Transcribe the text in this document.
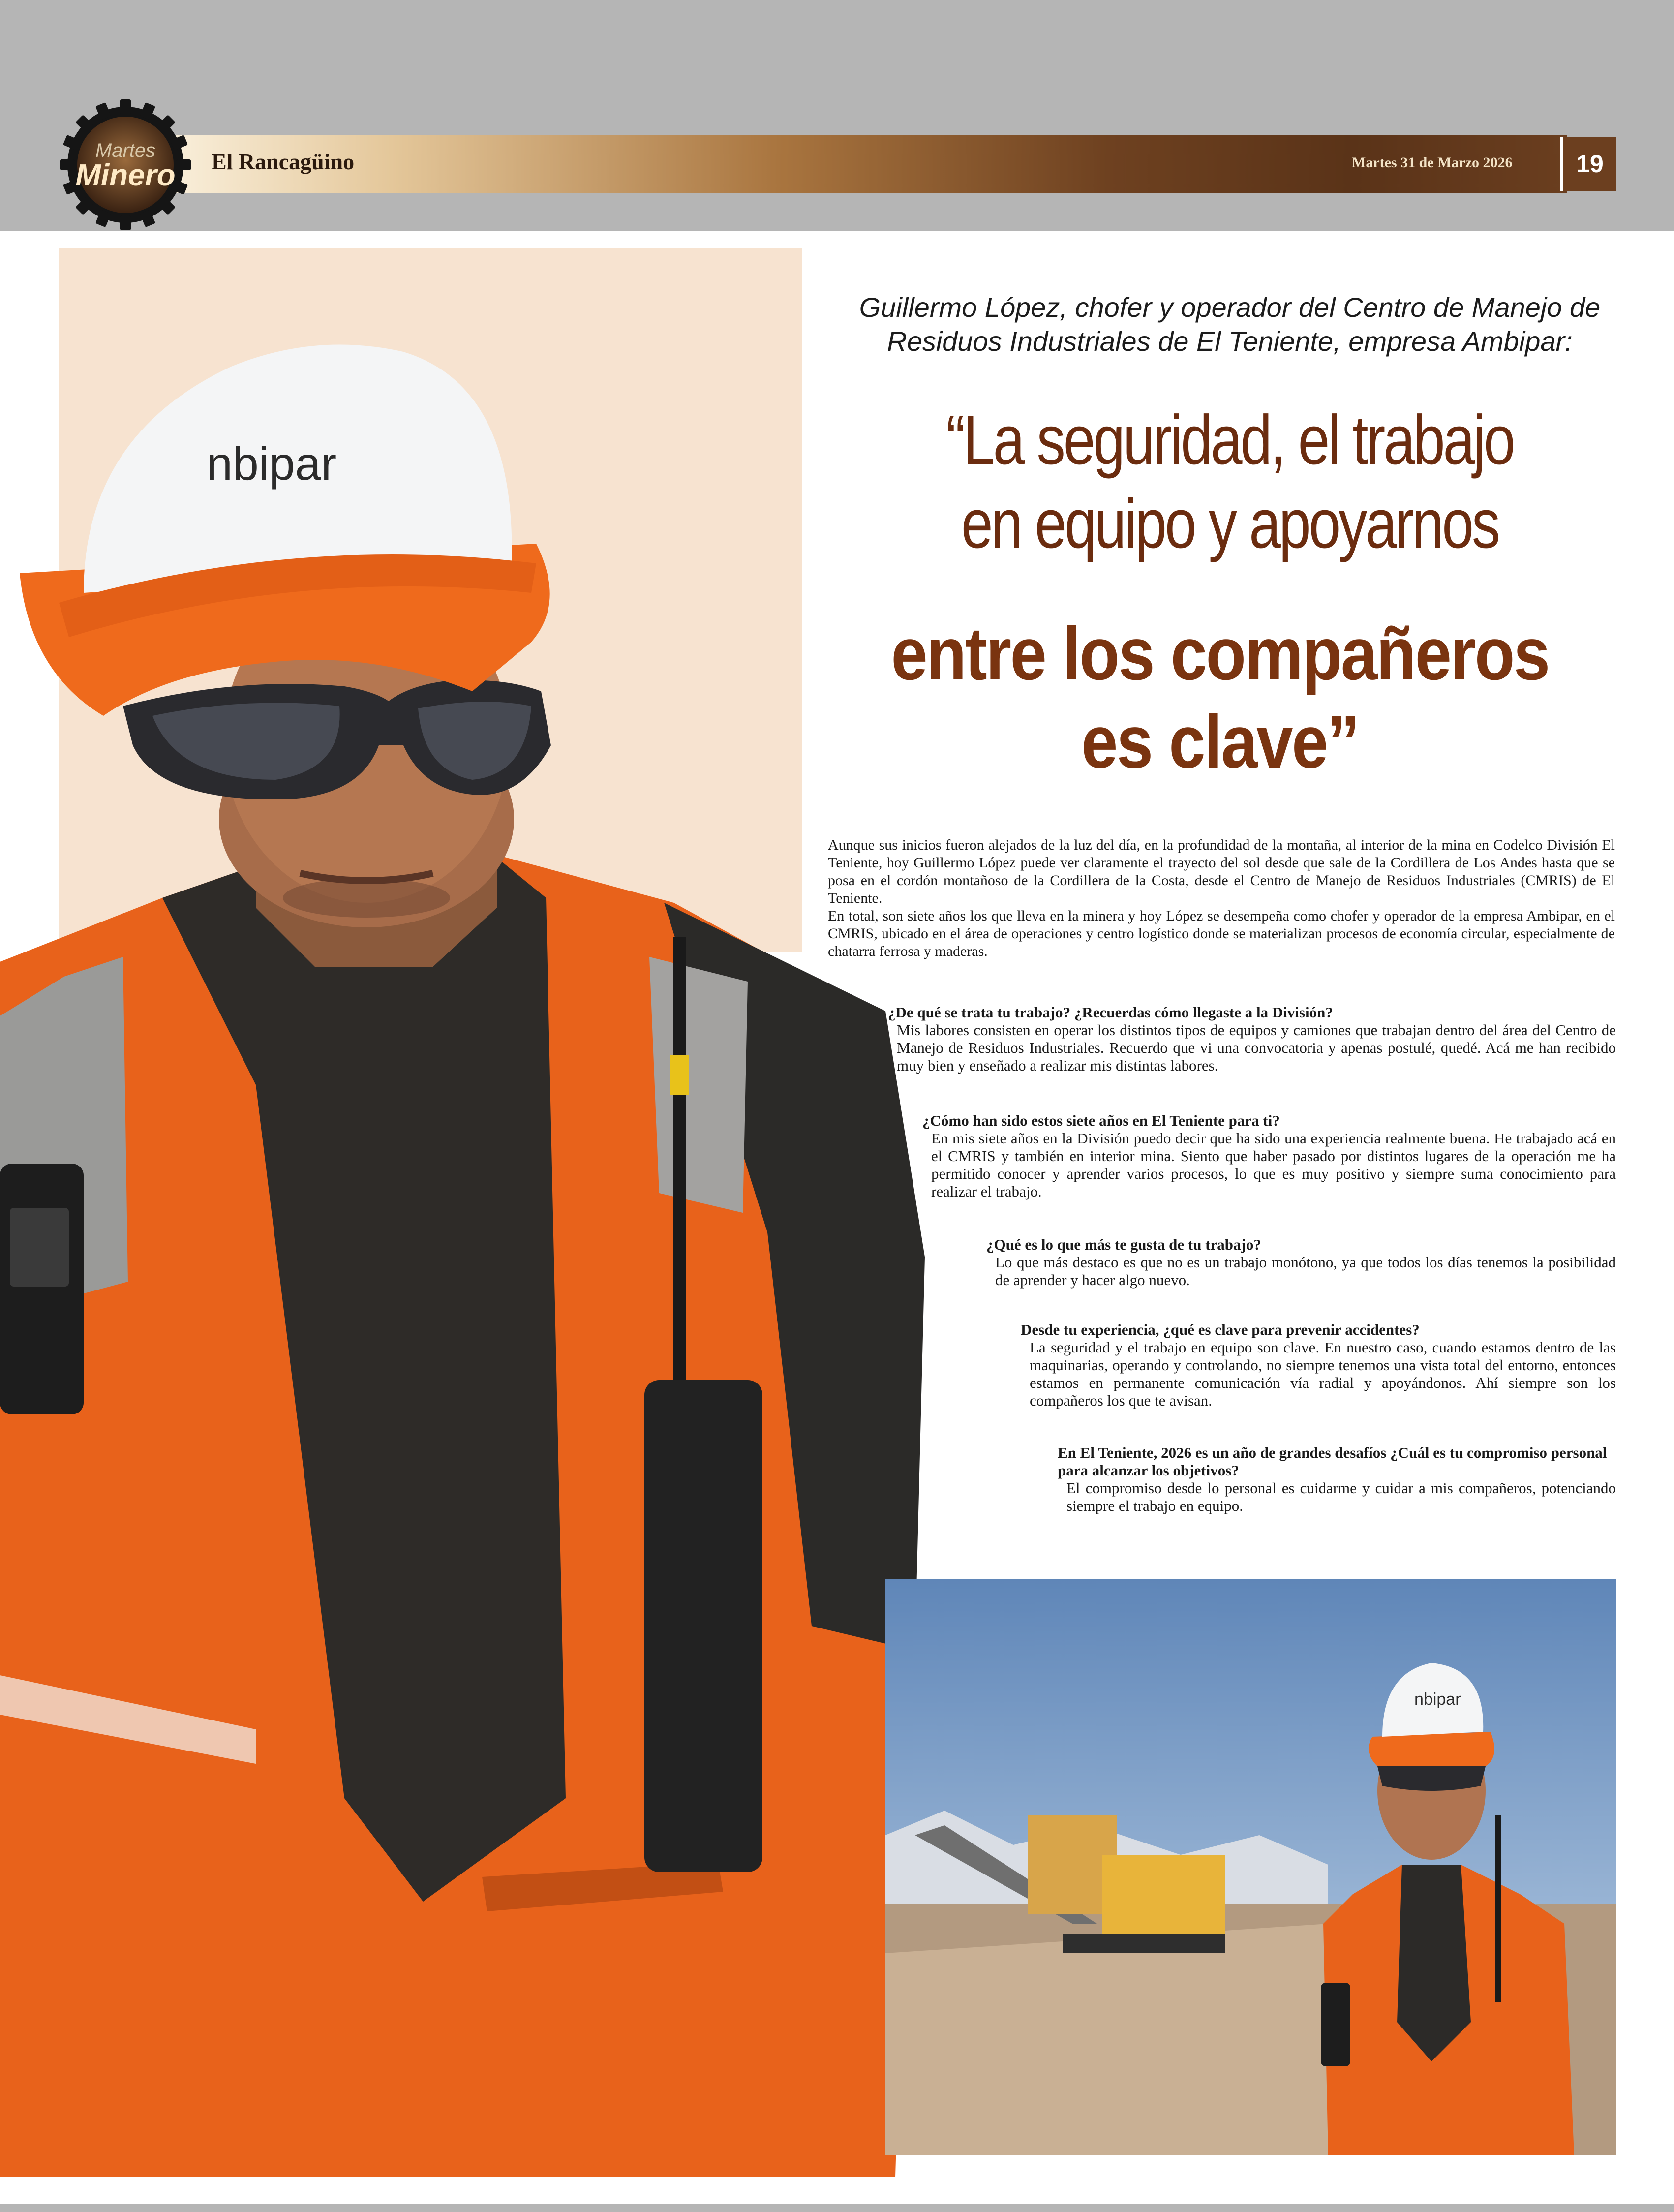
Martes
Minero El Rancagüino	Martes 31 de Marzo 2026	19
nbipar
nbipar
Guillermo López, chofer y operador del Centro de Manejo de Residuos Industriales de El Teniente, empresa Ambipar:
“La seguridad, el trabajo
en equipo y apoyarnos
entre los compañeros
es clave”

Aunque sus inicios fueron alejados de la luz del día, en la profundidad de la montaña, al interior de la mina en Codelco División El Teniente, hoy Guillermo López puede ver claramente el trayecto del sol desde que sale de la Cordillera de Los Andes hasta que se posa en el cordón montañoso de la Cordillera de la Costa, desde el Centro de Manejo de Residuos Industriales (CMRIS) de El Teniente.

En total, son siete años los que lleva en la minera y hoy López se desempeña como chofer y operador de la empresa Ambipar, en el CMRIS, ubicado en el área de operaciones y centro logístico donde se materializan procesos de economía circular, especialmente de chatarra ferrosa y maderas.

¿De qué se trata tu trabajo? ¿Recuerdas cómo llegaste a la División?
Mis labores consisten en operar los distintos tipos de equipos y camiones que trabajan dentro del área del Centro de Manejo de Residuos Industriales. Recuerdo que vi una convocatoria y apenas postulé, quedé. Acá me han recibido muy bien y enseñado a realizar mis distintas labores.
¿Cómo han sido estos siete años en El Teniente para ti?
En mis siete años en la División puedo decir que ha sido una experiencia realmente buena. He trabajado acá en el CMRIS y también en interior mina. Siento que haber pasado por distintos lugares de la operación me ha permitido conocer y aprender varios procesos, lo que es muy positivo y siempre suma conocimiento para realizar el trabajo.
¿Qué es lo que más te gusta de tu trabajo?
Lo que más destaco es que no es un trabajo monótono, ya que todos los días tenemos la posibilidad de aprender y hacer algo nuevo.
Desde tu experiencia, ¿qué es clave para prevenir accidentes?
La seguridad y el trabajo en equipo son clave. En nuestro caso, cuando estamos dentro de las maquinarias, operando y controlando, no siempre tenemos una vista total del entorno, entonces estamos en permanente comunicación vía radial y apoyándonos. Ahí siempre son los compañeros los que te avisan.
En El Teniente, 2026 es un año de grandes desafíos ¿Cuál es tu compromiso personal para alcanzar los objetivos?
El compromiso desde lo personal es cuidarme y cuidar a mis compañeros, potenciando siempre el trabajo en equipo.
